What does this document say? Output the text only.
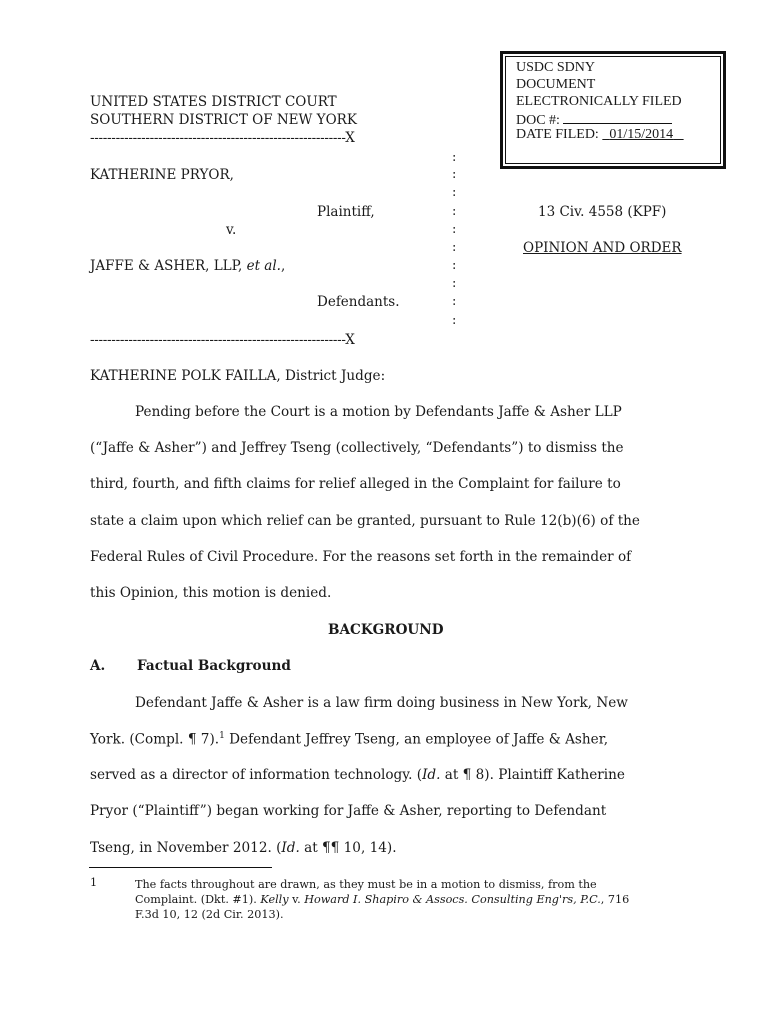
USDC SDNY
DOCUMENT
ELECTRONICALLY FILED
DOC #:
DATE FILED:   01/15/2014
UNITED STATES DISTRICT COURT
SOUTHERN DISTRICT OF NEW YORK
------------------------------------------------------------X
:
KATHERINE PRYOR,	:
:
Plaintiff,	:
v.	:
:
JAFFE & ASHER, LLP, et al.,	:
:
Defendants.	:
:
------------------------------------------------------------X
13 Civ. 4558 (KPF)
OPINION AND ORDER
KATHERINE POLK FAILLA, District Judge:
Pending before the Court is a motion by Defendants Jaffe & Asher LLP
(“Jaffe & Asher”) and Jeffrey Tseng (collectively, “Defendants”) to dismiss the
third, fourth, and fifth claims for relief alleged in the Complaint for failure to
state a claim upon which relief can be granted, pursuant to Rule 12(b)(6) of the
Federal Rules of Civil Procedure. For the reasons set forth in the remainder of
this Opinion, this motion is denied.
BACKGROUND
A. Factual Background
Defendant Jaffe & Asher is a law firm doing business in New York, New
York. (Compl. ¶ 7).$^1$ Defendant Jeffrey Tseng, an employee of Jaffe & Asher,
served as a director of information technology. (Id. at ¶ 8). Plaintiff Katherine
Pryor (“Plaintiff”) began working for Jaffe & Asher, reporting to Defendant
Tseng, in November 2012. (Id. at ¶¶ 10, 14).
1	The facts throughout are drawn, as they must be in a motion to dismiss, from the
Complaint. (Dkt. #1). Kelly v. Howard I. Shapiro & Assocs. Consulting Eng'rs, P.C., 716
F.3d 10, 12 (2d Cir. 2013).
